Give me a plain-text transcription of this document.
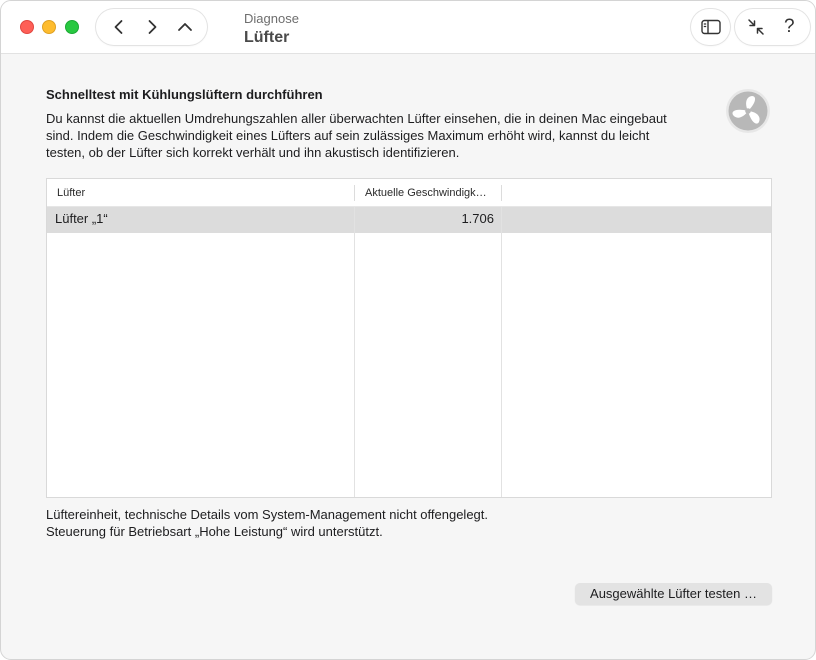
Diagnose
Lüfter
?
Schnelltest mit Kühlungslüftern durchführen
Du kannst die aktuellen Umdrehungszahlen aller überwachten Lüfter einsehen, die in deinen Mac eingebaut
sind. Indem die Geschwindigkeit eines Lüfters auf sein zulässiges Maximum erhöht wird, kannst du leicht
testen, ob der Lüfter sich korrekt verhält und ihn akustisch identifizieren.
Lüfter	Aktuelle Geschwindigk…
Lüfter „1“	1.706
Lüftereinheit, technische Details vom System-Management nicht offengelegt.
Steuerung für Betriebsart „Hohe Leistung“ wird unterstützt.
Ausgewählte Lüfter testen …
